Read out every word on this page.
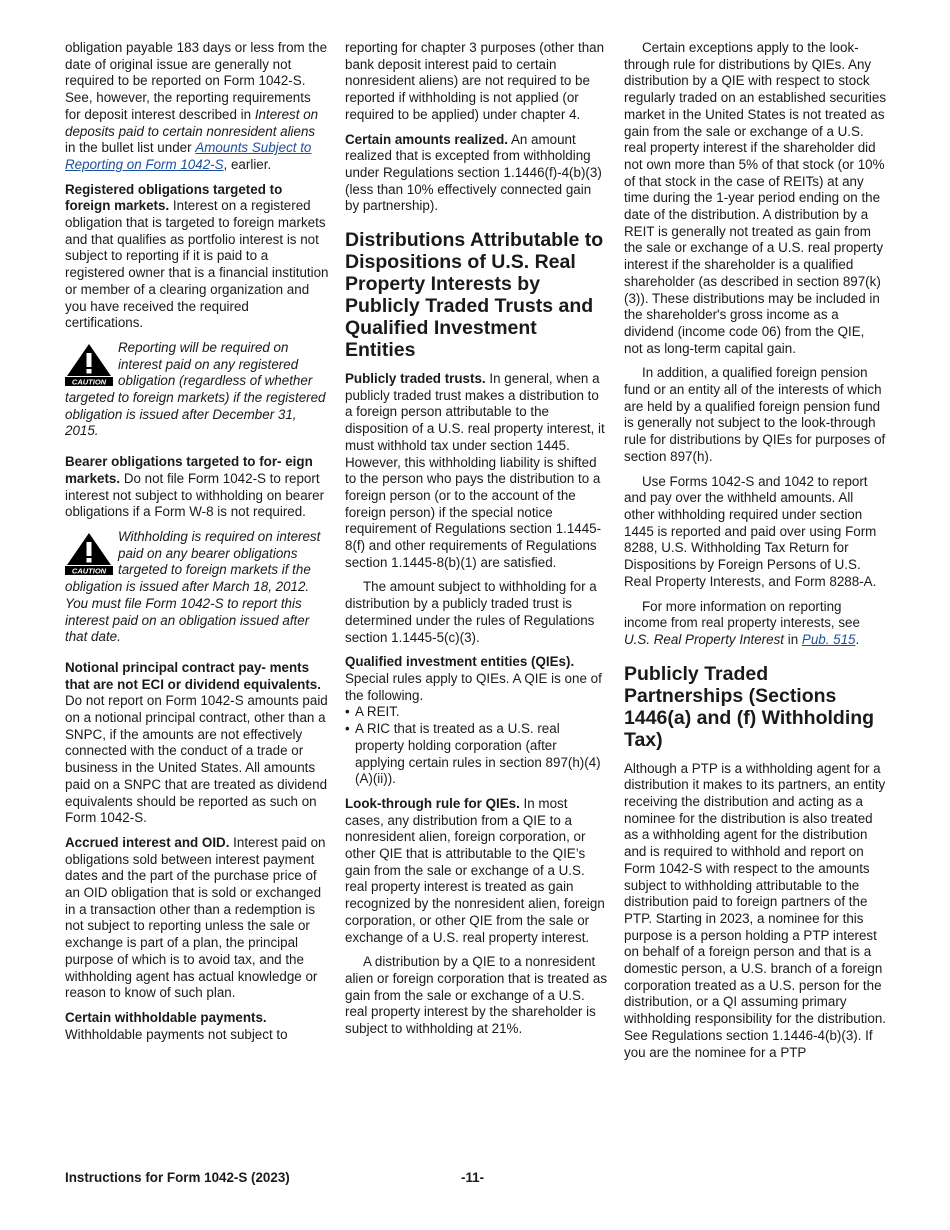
obligation payable 183 days or less from the date of original issue are generally not required to be reported on Form 1042-S. See, however, the reporting requirements for deposit interest described in Interest on deposits paid to certain nonresident aliens in the bullet list under Amounts Subject to Reporting on Form 1042-S, earlier.

Registered obligations targeted to foreign markets. Interest on a registered obligation that is targeted to foreign markets and that qualifies as portfolio interest is not subject to reporting if it is paid to a registered owner that is a financial institution or member of a clearing organization and you have received the required certifications.

CAUTION
Reporting will be required on interest paid on any registered obligation (regardless of whether targeted to foreign markets) if the registered obligation is issued after December 31, 2015.

Bearer obligations targeted to for- eign markets. Do not file Form 1042-S to report interest not subject to withholding on bearer obligations if a Form W-8 is not required.

CAUTION
Withholding is required on interest paid on any bearer obligations targeted to foreign markets if the obligation is issued after March 18, 2012. You must file Form 1042-S to report this interest paid on an obligation issued after that date.

Notional principal contract pay- ments that are not ECI or dividend equivalents. Do not report on Form 1042-S amounts paid on a notional principal contract, other than a SNPC, if the amounts are not effectively connected with the conduct of a trade or business in the United States. All amounts paid on a SNPC that are treated as dividend equivalents should be reported as such on Form 1042-S.

Accrued interest and OID. Interest paid on obligations sold between interest payment dates and the part of the purchase price of an OID obligation that is sold or exchanged in a transaction other than a redemption is not subject to reporting unless the sale or exchange is part of a plan, the principal purpose of which is to avoid tax, and the withholding agent has actual knowledge or reason to know of such plan.

Certain withholdable payments. Withholdable payments not subject to

reporting for chapter 3 purposes (other than bank deposit interest paid to certain nonresident aliens) are not required to be reported if withholding is not applied (or required to be applied) under chapter 4.

Certain amounts realized. An amount realized that is excepted from withholding under Regulations section 1.1446(f)-4(b)(3) (less than 10% effectively connected gain by partnership).

Distributions Attributable to Dispositions of U.S. Real Property Interests by Publicly Traded Trusts and Qualified Investment Entities

Publicly traded trusts. In general, when a publicly traded trust makes a distribution to a foreign person attributable to the disposition of a U.S. real property interest, it must withhold tax under section 1445. However, this withholding liability is shifted to the person who pays the distribution to a foreign person (or to the account of the foreign person) if the special notice requirement of Regulations section 1.1445-8(f) and other requirements of Regulations section 1.1445-8(b)(1) are satisfied.

The amount subject to withholding for a distribution by a publicly traded trust is determined under the rules of Regulations section 1.1445-5(c)(3).

Qualified investment entities (QIEs). Special rules apply to QIEs. A QIE is one of the following.

• A REIT.
• A RIC that is treated as a U.S. real property holding corporation (after applying certain rules in section 897(h)(4)(A)(ii)).

Look-through rule for QIEs. In most cases, any distribution from a QIE to a nonresident alien, foreign corporation, or other QIE that is attributable to the QIE’s gain from the sale or exchange of a U.S. real property interest is treated as gain recognized by the nonresident alien, foreign corporation, or other QIE from the sale or exchange of a U.S. real property interest.

A distribution by a QIE to a nonresident alien or foreign corporation that is treated as gain from the sale or exchange of a U.S. real property interest by the shareholder is subject to withholding at 21%.

Certain exceptions apply to the look-through rule for distributions by QIEs. Any distribution by a QIE with respect to stock regularly traded on an established securities market in the United States is not treated as gain from the sale or exchange of a U.S. real property interest if the shareholder did not own more than 5% of that stock (or 10% of that stock in the case of REITs) at any time during the 1-year period ending on the date of the distribution. A distribution by a REIT is generally not treated as gain from the sale or exchange of a U.S. real property interest if the shareholder is a qualified shareholder (as described in section 897(k)(3)). These distributions may be included in the shareholder's gross income as a dividend (income code 06) from the QIE, not as long-term capital gain.

In addition, a qualified foreign pension fund or an entity all of the interests of which are held by a qualified foreign pension fund is generally not subject to the look-through rule for distributions by QIEs for purposes of section 897(h).

Use Forms 1042-S and 1042 to report and pay over the withheld amounts. All other withholding required under section 1445 is reported and paid over using Form 8288, U.S. Withholding Tax Return for Dispositions by Foreign Persons of U.S. Real Property Interests, and Form 8288-A.

For more information on reporting income from real property interests, see U.S. Real Property Interest in Pub. 515.

Publicly Traded Partnerships (Sections 1446(a) and (f) Withholding Tax)

Although a PTP is a withholding agent for a distribution it makes to its partners, an entity receiving the distribution and acting as a nominee for the distribution is also treated as a withholding agent for the distribution and is required to withhold and report on Form 1042-S with respect to the amounts subject to withholding attributable to the distribution paid to foreign partners of the PTP. Starting in 2023, a nominee for this purpose is a person holding a PTP interest on behalf of a foreign person and that is a domestic person, a U.S. branch of a foreign corporation treated as a U.S. person for the distribution, or a QI assuming primary withholding responsibility for the distribution. See Regulations section 1.1446-4(b)(3). If you are the nominee for a PTP

Instructions for Form 1042-S (2023)	-11-
